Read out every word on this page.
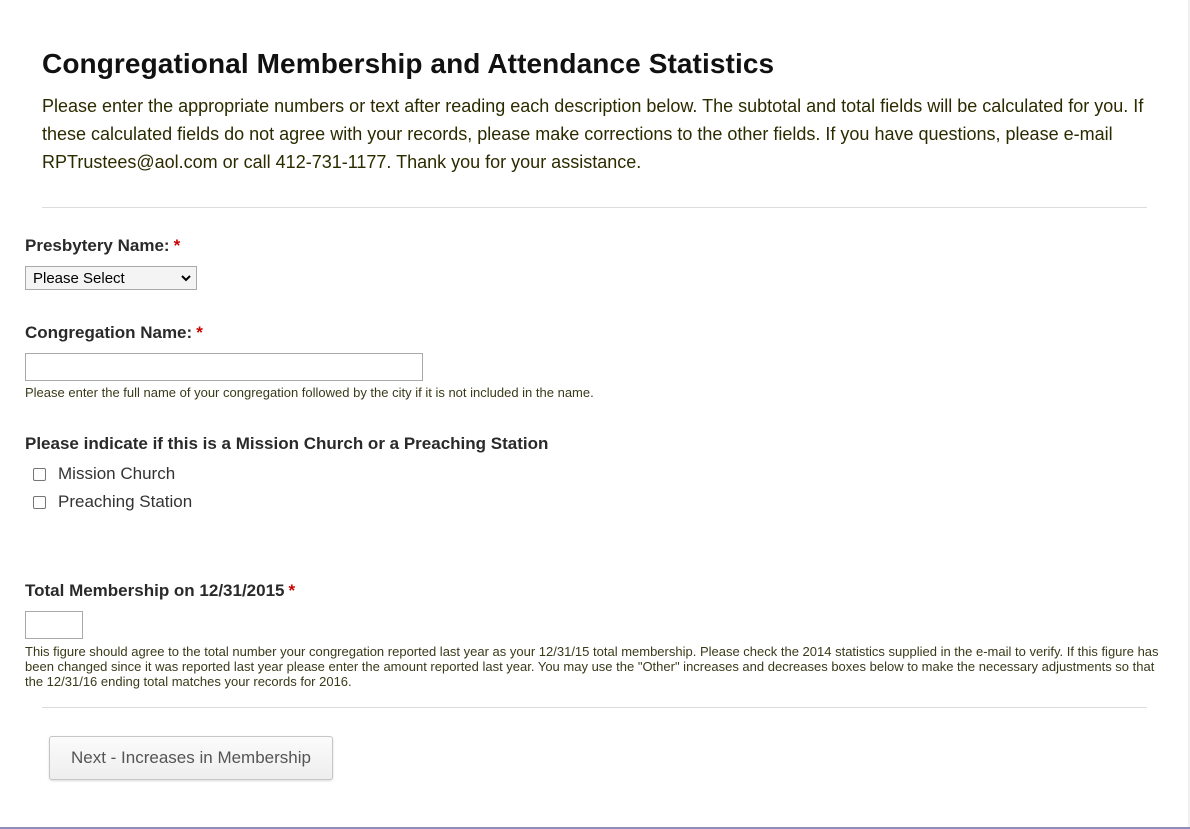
Congregational Membership and Attendance Statistics

Please enter the appropriate numbers or text after reading each description below. The subtotal and total fields will be calculated for you. If these calculated fields do not agree with your records, please make corrections to the other fields. If you have questions, please e-mail RPTrustees@aol.com or call 412-731-1177. Thank you for your assistance.

Presbytery Name: *
Please Select
Congregation Name: *
Please enter the full name of your congregation followed by the city if it is not included in the name.
Please indicate if this is a Mission Church or a Preaching Station
Mission Church
Preaching Station
Total Membership on 12/31/2015 *
This figure should agree to the total number your congregation reported last year as your 12/31/15 total membership. Please check the 2014 statistics supplied in the e-mail to verify. If this figure has been changed since it was reported last year please enter the amount reported last year. You may use the "Other" increases and decreases boxes below to make the necessary adjustments so that the 12/31/16 ending total matches your records for 2016.
Next - Increases in Membership
